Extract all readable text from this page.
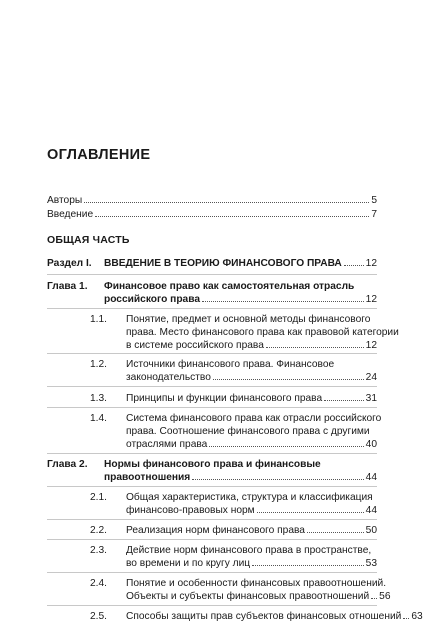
ОГЛАВЛЕНИЕ
Авторы	5
Введение	7
ОБЩАЯ ЧАСТЬ
Раздел I. ВВЕДЕНИЕ В ТЕОРИЮ ФИНАНСОВОГО ПРАВА 12
Глава 1. Финансовое право как самостоятельная отрасль
российского права	12
1.1. Понятие, предмет и основной методы финансового
права. Место финансового права как правовой категории
в системе российского права	12
1.2. Источники финансового права. Финансовое
законодательство	24
1.3. Принципы и функции финансового права	31
1.4. Система финансового права как отрасли российского
права. Соотношение финансового права с другими
отраслями права	40
Глава 2. Нормы финансового права и финансовые
правоотношения	44
2.1. Общая характеристика, структура и классификация
финансово-правовых норм	44
2.2. Реализация норм финансового права	50
2.3. Действие норм финансового права в пространстве,
во времени и по кругу лиц	53
2.4. Понятие и особенности финансовых правоотношений.
Объекты и субъекты финансовых правоотношений 56
2.5. Способы защиты прав субъектов финансовых отношений 63
